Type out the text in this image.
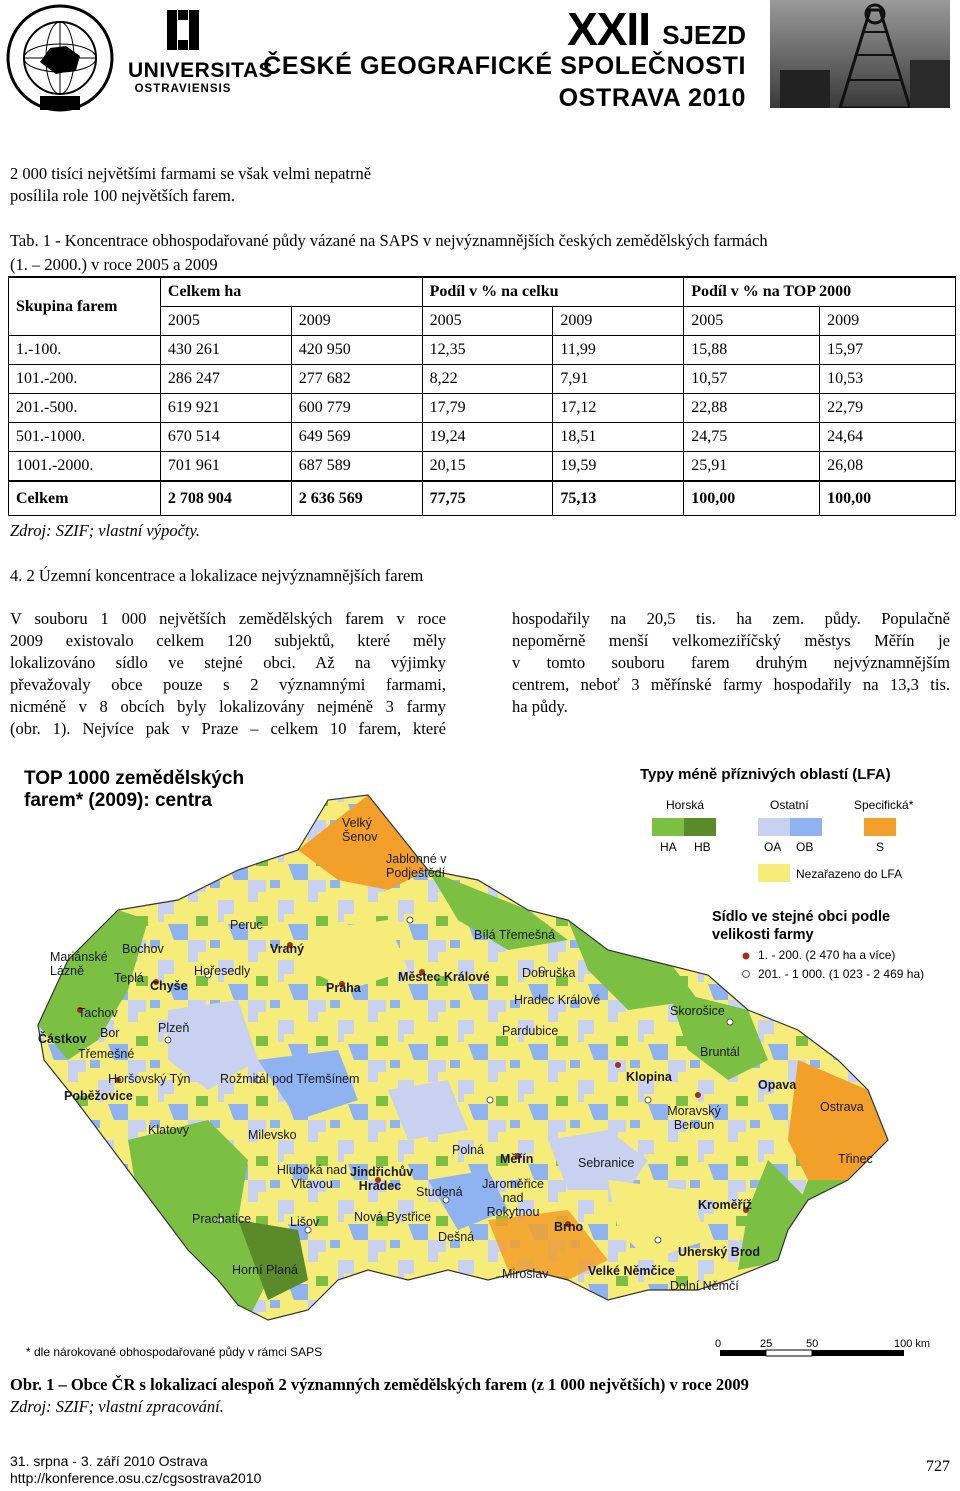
UNIVERSITAS
OSTRAVIENSIS
XXII SJEZD
ČESKÉ GEOGRAFICKÉ SPOLEČNOSTI
OSTRAVA 2010
2 000 tisíci největšími farmami se však velmi nepatrně
posílila role 100 největších farem.
Tab. 1 - Koncentrace obhospodařované půdy vázané na SAPS v nejvýznamnějších českých zemědělských farmách
(1. – 2000.) v roce 2005 a 2009
Skupina farem	Celkem ha		Podíl v % na celku		Podíl v % na TOP 2000	
	2005	2009	2005	2009	2005	2009
1.-100.	430 261	420 950	12,35	11,99	15,88	15,97
101.-200.	286 247	277 682	8,22	7,91	10,57	10,53
201.-500.	619 921	600 779	17,79	17,12	22,88	22,79
501.-1000.	670 514	649 569	19,24	18,51	24,75	24,64
1001.-2000.	701 961	687 589	20,15	19,59	25,91	26,08
Celkem	2 708 904	2 636 569	77,75	75,13	100,00	100,00
Zdroj: SZIF; vlastní výpočty.
4. 2 Územní koncentrace a lokalizace nejvýznamnějších farem
V souboru 1 000 největších zemědělských farem v roce
2009 existovalo celkem 120 subjektů, které měly
lokalizováno sídlo ve stejné obci. Až na výjimky
převažovaly obce pouze s 2 významnými farmami,
nicméně v 8 obcích byly lokalizovány nejméně 3 farmy
(obr. 1). Nejvíce pak v Praze – celkem 10 farem, které
hospodařily na 20,5 tis. ha zem. půdy. Populačně
nepoměrně menší velkomeziříčský městys Měřín je
v tomto souboru farem druhým nejvýznamnějším
centrem, neboť 3 měřínské farmy hospodařily na 13,3 tis.
ha půdy.
TOP 1000 zemědělských
farem* (2009): centra
Typy méně příznivých oblastí (LFA)
Horská	Ostatní	Specifická*
HA HB	OA OB	S
Nezařazeno do LFA
Sídlo ve stejné obci podle
velikosti farmy
1. - 200. (2 470 ha a více)
201. - 1 000. (1 023 - 2 469 ha)
Velký Šenov
Jablonné v Podještědí
Peruc
Bochov
Mariánské Lázně	Teplá
Chyše
Hořesedly
Vraný
Praha
Bílá Třemešná
Městec Králové	Dobruška
Hradec Králové
Skorošice
Tachov
Bor
Částkov
Plzeň
Třemešné
Pardubice
Bruntál
Horšovský Týn Rožmitál pod Třemšínem
Poběžovice
Klopina
Opava
Moravský Beroun
Ostrava
Klatovy	Milevsko
Polná
Měřín	Sebranice	Třinec
Hluboká nad Vltavou
Jindřichův Hradec	Studená
Jaroměřice nad Rokytnou	Kroměříž
Prachatice	Lišov	Nová Bystřice
Brno
Dešná
Uherský Brod
Horní Planá	Miroslav	Velké Němčice
Dolní Němčí
* dle nárokované obhospodařované půdy v rámci SAPS
0	25	50	100 km
Obr. 1 – Obce ČR s lokalizací alespoň 2 významných zemědělských farem (z 1 000 největších) v roce 2009
Zdroj: SZIF; vlastní zpracování.
31. srpna - 3. září 2010 Ostrava
http://konference.osu.cz/cgsostrava2010
727
